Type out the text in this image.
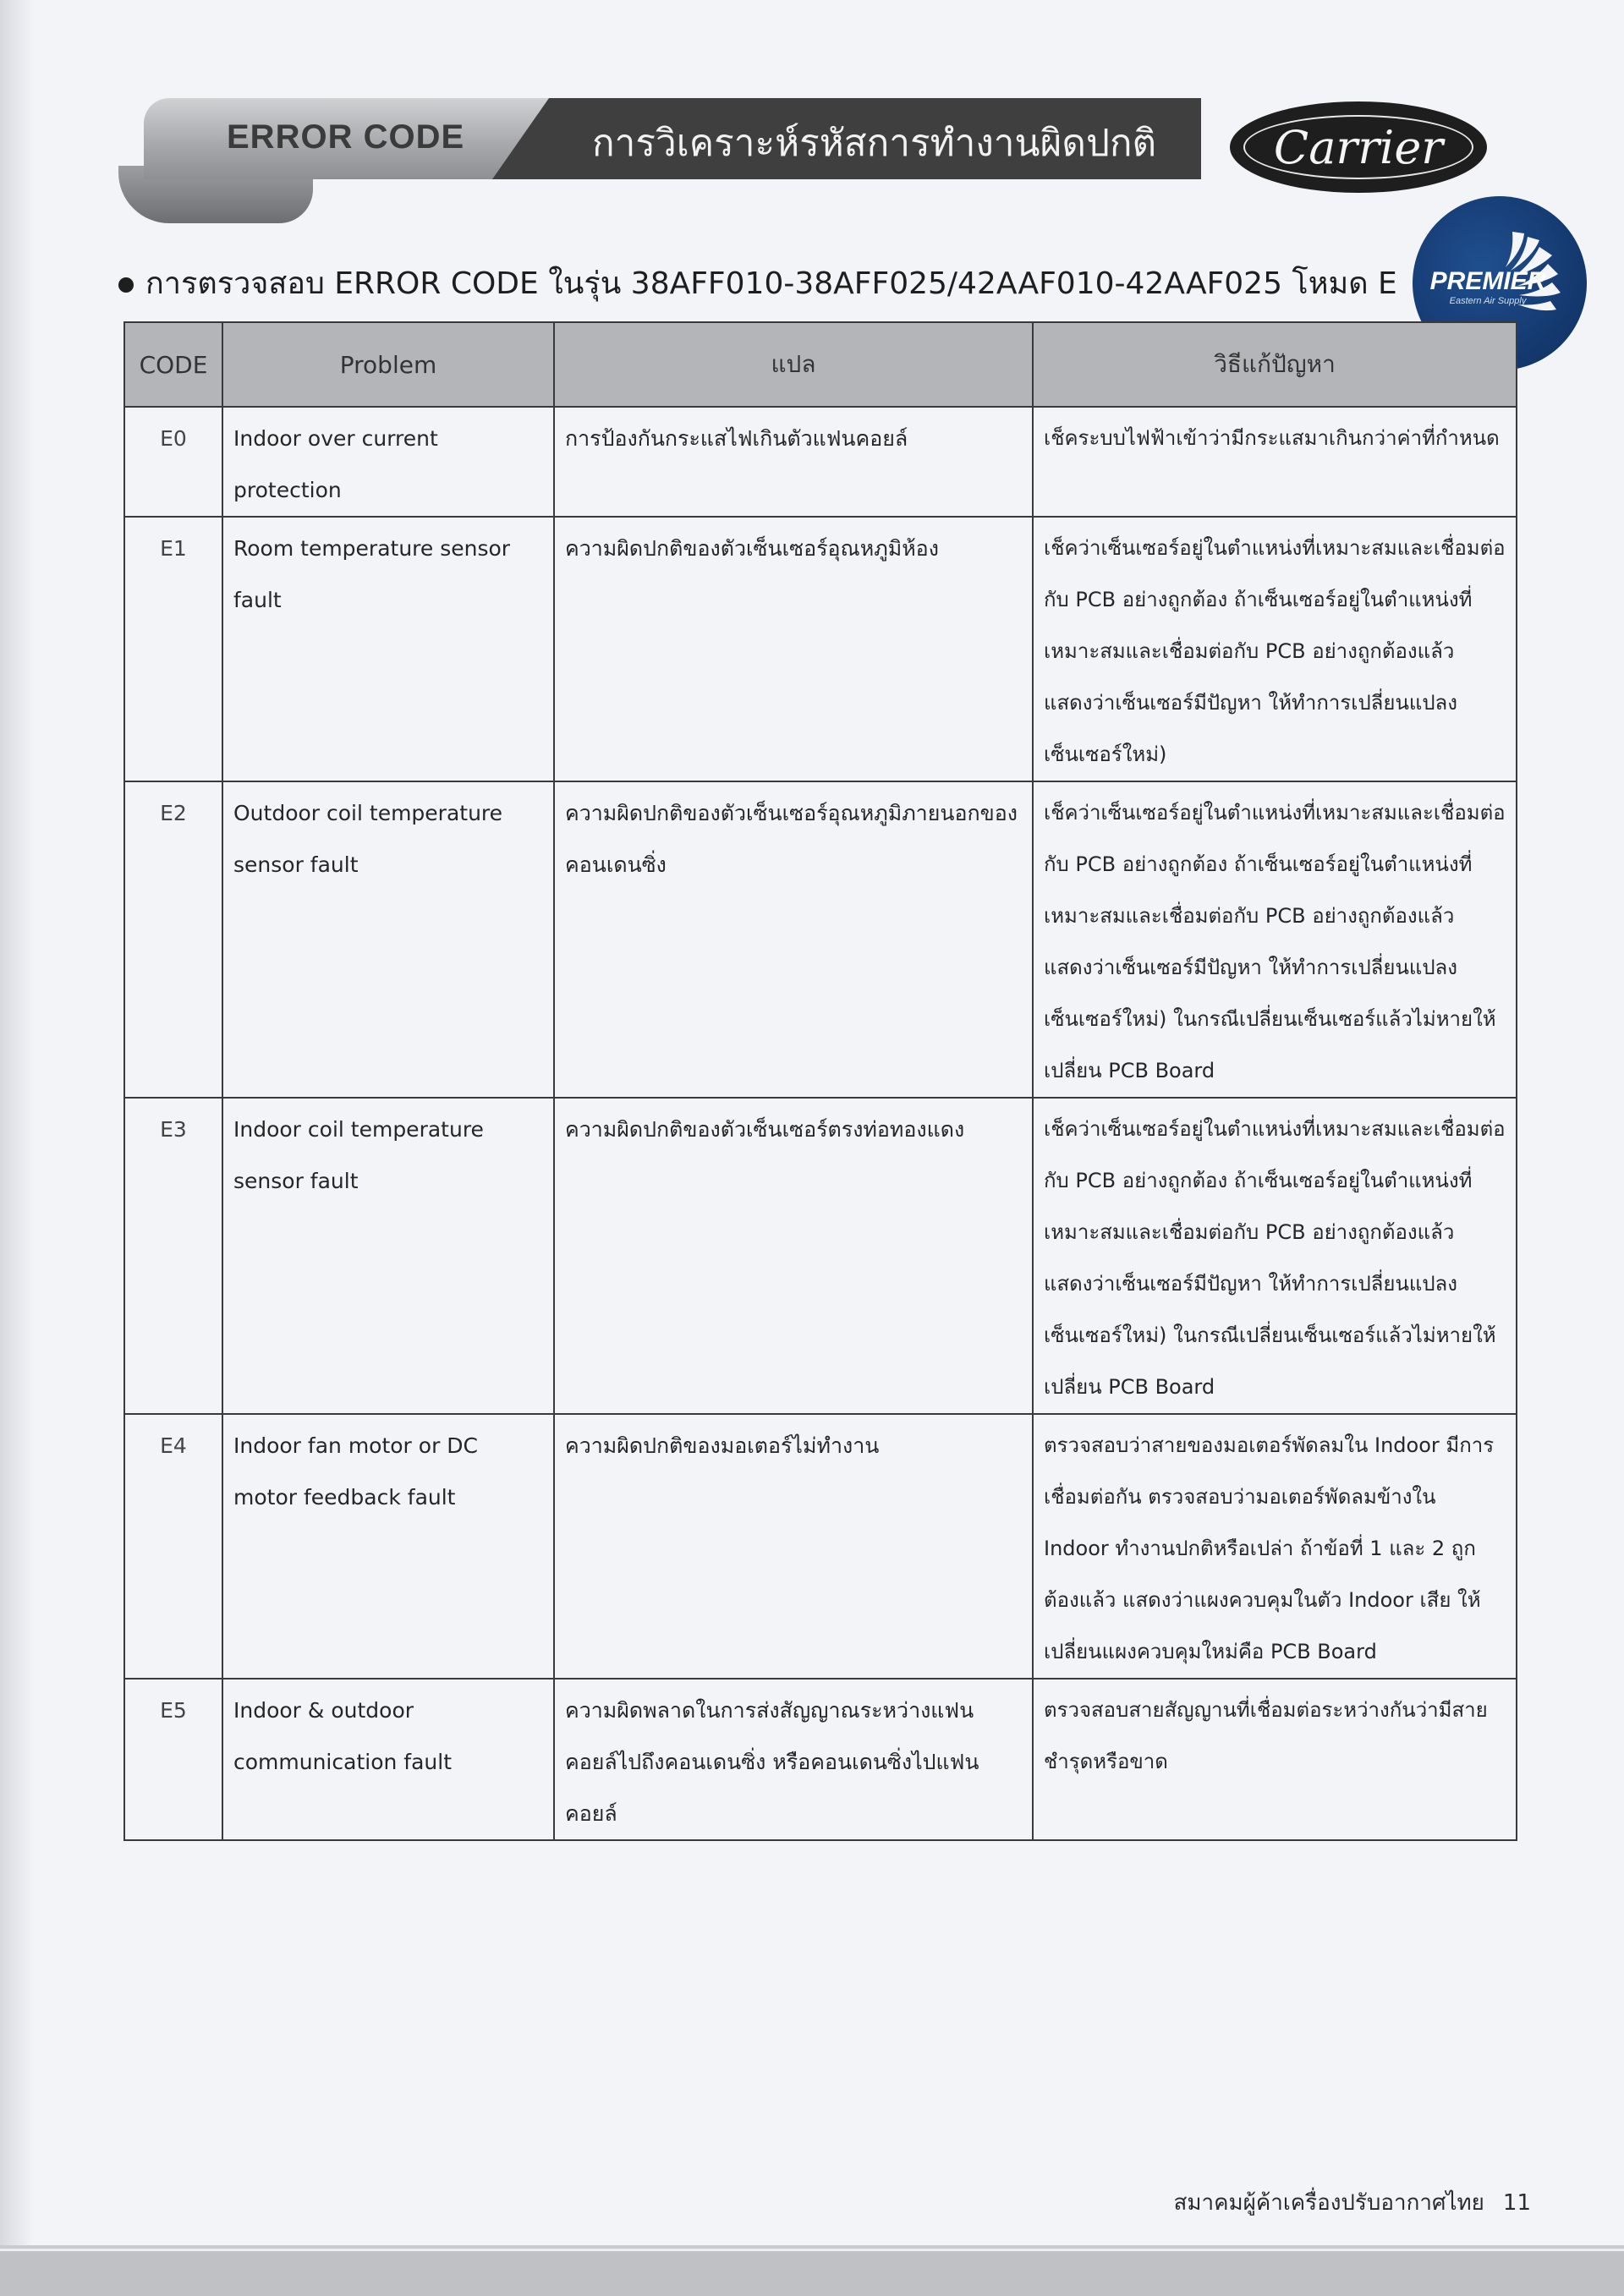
ERROR CODE	การวิเคราะห์รหัสการทำงานผิดปกติ	Carrier
PREMIER
Eastern Air Supply
การตรวจสอบ ERROR CODE ในรุ่น 38AFF010-38AFF025/42AAF010-42AAF025 โหมด E
CODE	Problem	แปล	วิธีแก้ปัญหา
E0	Indoor over current protection	การป้องกันกระแสไฟเกินตัวแฟนคอยล์	เช็คระบบไฟฟ้าเข้าว่ามีกระแสมาเกินกว่าค่าที่กำหนด
E1	Room temperature sensor fault	ความผิดปกติของตัวเซ็นเซอร์อุณหภูมิห้อง	เช็คว่าเซ็นเซอร์อยู่ในตำแหน่งที่เหมาะสมและเชื่อมต่อกับ PCB อย่างถูกต้อง ถ้าเซ็นเซอร์อยู่ในตำแหน่งที่เหมาะสมและเชื่อมต่อกับ PCB อย่างถูกต้องแล้ว แสดงว่าเซ็นเซอร์มีปัญหา ให้ทำการเปลี่ยนแปลงเซ็นเซอร์ใหม่)
E2	Outdoor coil temperature sensor fault	ความผิดปกติของตัวเซ็นเซอร์อุณหภูมิภายนอกของคอนเดนซิ่ง	เช็คว่าเซ็นเซอร์อยู่ในตำแหน่งที่เหมาะสมและเชื่อมต่อกับ PCB อย่างถูกต้อง ถ้าเซ็นเซอร์อยู่ในตำแหน่งที่เหมาะสมและเชื่อมต่อกับ PCB อย่างถูกต้องแล้ว แสดงว่าเซ็นเซอร์มีปัญหา ให้ทำการเปลี่ยนแปลงเซ็นเซอร์ใหม่) ในกรณีเปลี่ยนเซ็นเซอร์แล้วไม่หายให้เปลี่ยน PCB Board
E3	Indoor coil temperature sensor fault	ความผิดปกติของตัวเซ็นเซอร์ตรงท่อทองแดง	เช็คว่าเซ็นเซอร์อยู่ในตำแหน่งที่เหมาะสมและเชื่อมต่อกับ PCB อย่างถูกต้อง ถ้าเซ็นเซอร์อยู่ในตำแหน่งที่เหมาะสมและเชื่อมต่อกับ PCB อย่างถูกต้องแล้ว แสดงว่าเซ็นเซอร์มีปัญหา ให้ทำการเปลี่ยนแปลงเซ็นเซอร์ใหม่) ในกรณีเปลี่ยนเซ็นเซอร์แล้วไม่หายให้เปลี่ยน PCB Board
E4	Indoor fan motor or DC motor feedback fault	ความผิดปกติของมอเตอร์ไม่ทำงาน	ตรวจสอบว่าสายของมอเตอร์พัดลมใน Indoor มีการเชื่อมต่อกัน ตรวจสอบว่ามอเตอร์พัดลมข้างใน Indoor ทำงานปกติหรือเปล่า ถ้าข้อที่ 1 และ 2 ถูกต้องแล้ว แสดงว่าแผงควบคุมในตัว Indoor เสีย ให้เปลี่ยนแผงควบคุมใหม่คือ PCB Board
E5	Indoor & outdoor communication fault	ความผิดพลาดในการส่งสัญญาณระหว่างแฟนคอยล์ไปถึงคอนเดนซิ่ง หรือคอนเดนซิ่งไปแฟนคอยล์	ตรวจสอบสายสัญญานที่เชื่อมต่อระหว่างกันว่ามีสายชำรุดหรือขาด
สมาคมผู้ค้าเครื่องปรับอากาศไทย 11
